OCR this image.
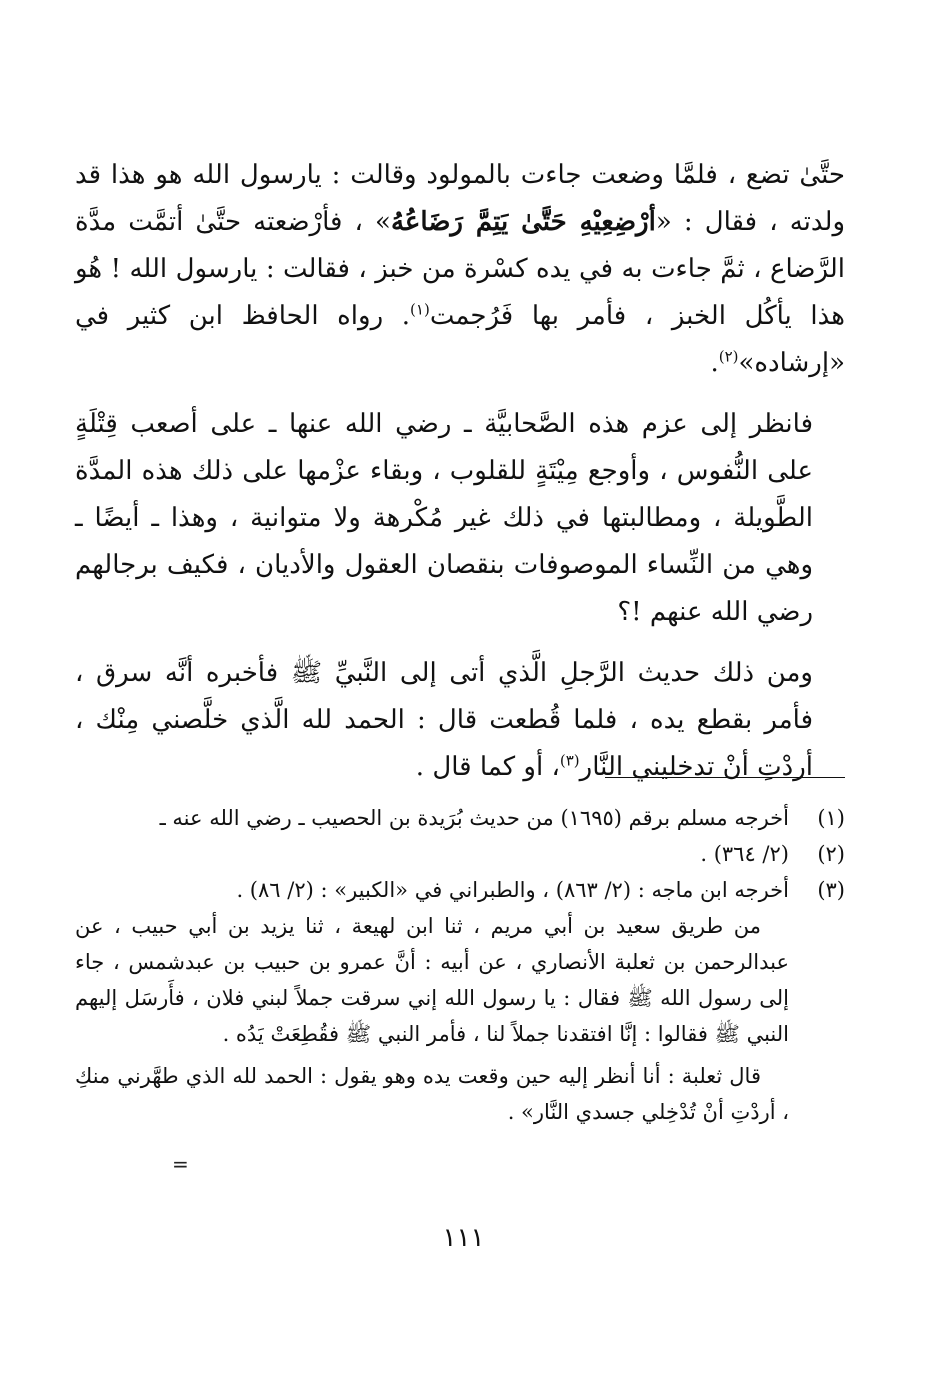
حتَّىٰ تضع ، فلمَّا وضعت جاءت بالمولود وقالت : يارسول الله هو هذا قد ولدته ، فقال : «أرْضِعِيْهِ حَتَّىٰ يَتِمَّ رَضَاعُهُ» ، فأرْضعته حتَّىٰ أتمَّت مدَّة الرَّضاع ، ثمَّ جاءت به في يده كسْرة من خبز ، فقالت : يارسول الله ! هُو هذا يأكُل الخبز ، فأمر بها فَرُجمت$^{(١)}$. رواه الحافظ ابن كثير في «إرشاده»$^{(٢)}$.

فانظر إلى عزم هذه الصَّحابيَّة ـ رضي الله عنها ـ على أصعب قِتْلَةٍ على النُّفوس ، وأوجع مِيْتَةٍ للقلوب ، وبقاء عزْمها على ذلك هذه المدَّة الطَّويلة ، ومطالبتها في ذلك غير مُكْرهة ولا متوانية ، وهذا ـ أيضًا ـ وهي من النِّساء الموصوفات بنقصان العقول والأديان ، فكيف برجالهم رضي الله عنهم !؟

ومن ذلك حديث الرَّجلِ الَّذي أتى إلى النَّبيِّ ﷺ فأخبره أنَّه سرق ، فأمر بقطع يده ، فلما قُطعت قال : الحمد لله الَّذي خلَّصني مِنْك ، أردْتِ أنْ تدخليني النَّار$^{(٣)}$، أو كما قال .

(١)
أخرجه مسلم برقم (١٦٩٥) من حديث بُرَيدة بن الحصيب ـ رضي الله عنه ـ
(٢)
(٢/ ٣٦٤) .
(٣)
أخرجه ابن ماجه : (٢/ ٨٦٣) ، والطبراني في «الكبير» : (٢/ ٨٦) .

من طريق سعيد بن أبي مريم ، ثنا ابن لهيعة ، ثنا يزيد بن أبي حبيب ، عن عبدالرحمن بن ثعلبة الأنصاري ، عن أبيه : أنَّ عمرو بن حبيب بن عبدشمس ، جاء إلى رسول الله ﷺ فقال : يا رسول الله إني سرقت جملاً لبني فلان ، فأَرسَل إليهم النبي ﷺ فقالوا : إنَّا افتقدنا جملاً لنا ، فأمر النبي ﷺ فقُطِعَتْ يَدُه .

قال ثعلبة : أنا أنظر إليه حين وقعت يده وهو يقول : الحمد لله الذي طهَّرني منكِ ، أردْتِ أنْ تُدْخِلي جسدي النَّار» .

=
١١١
